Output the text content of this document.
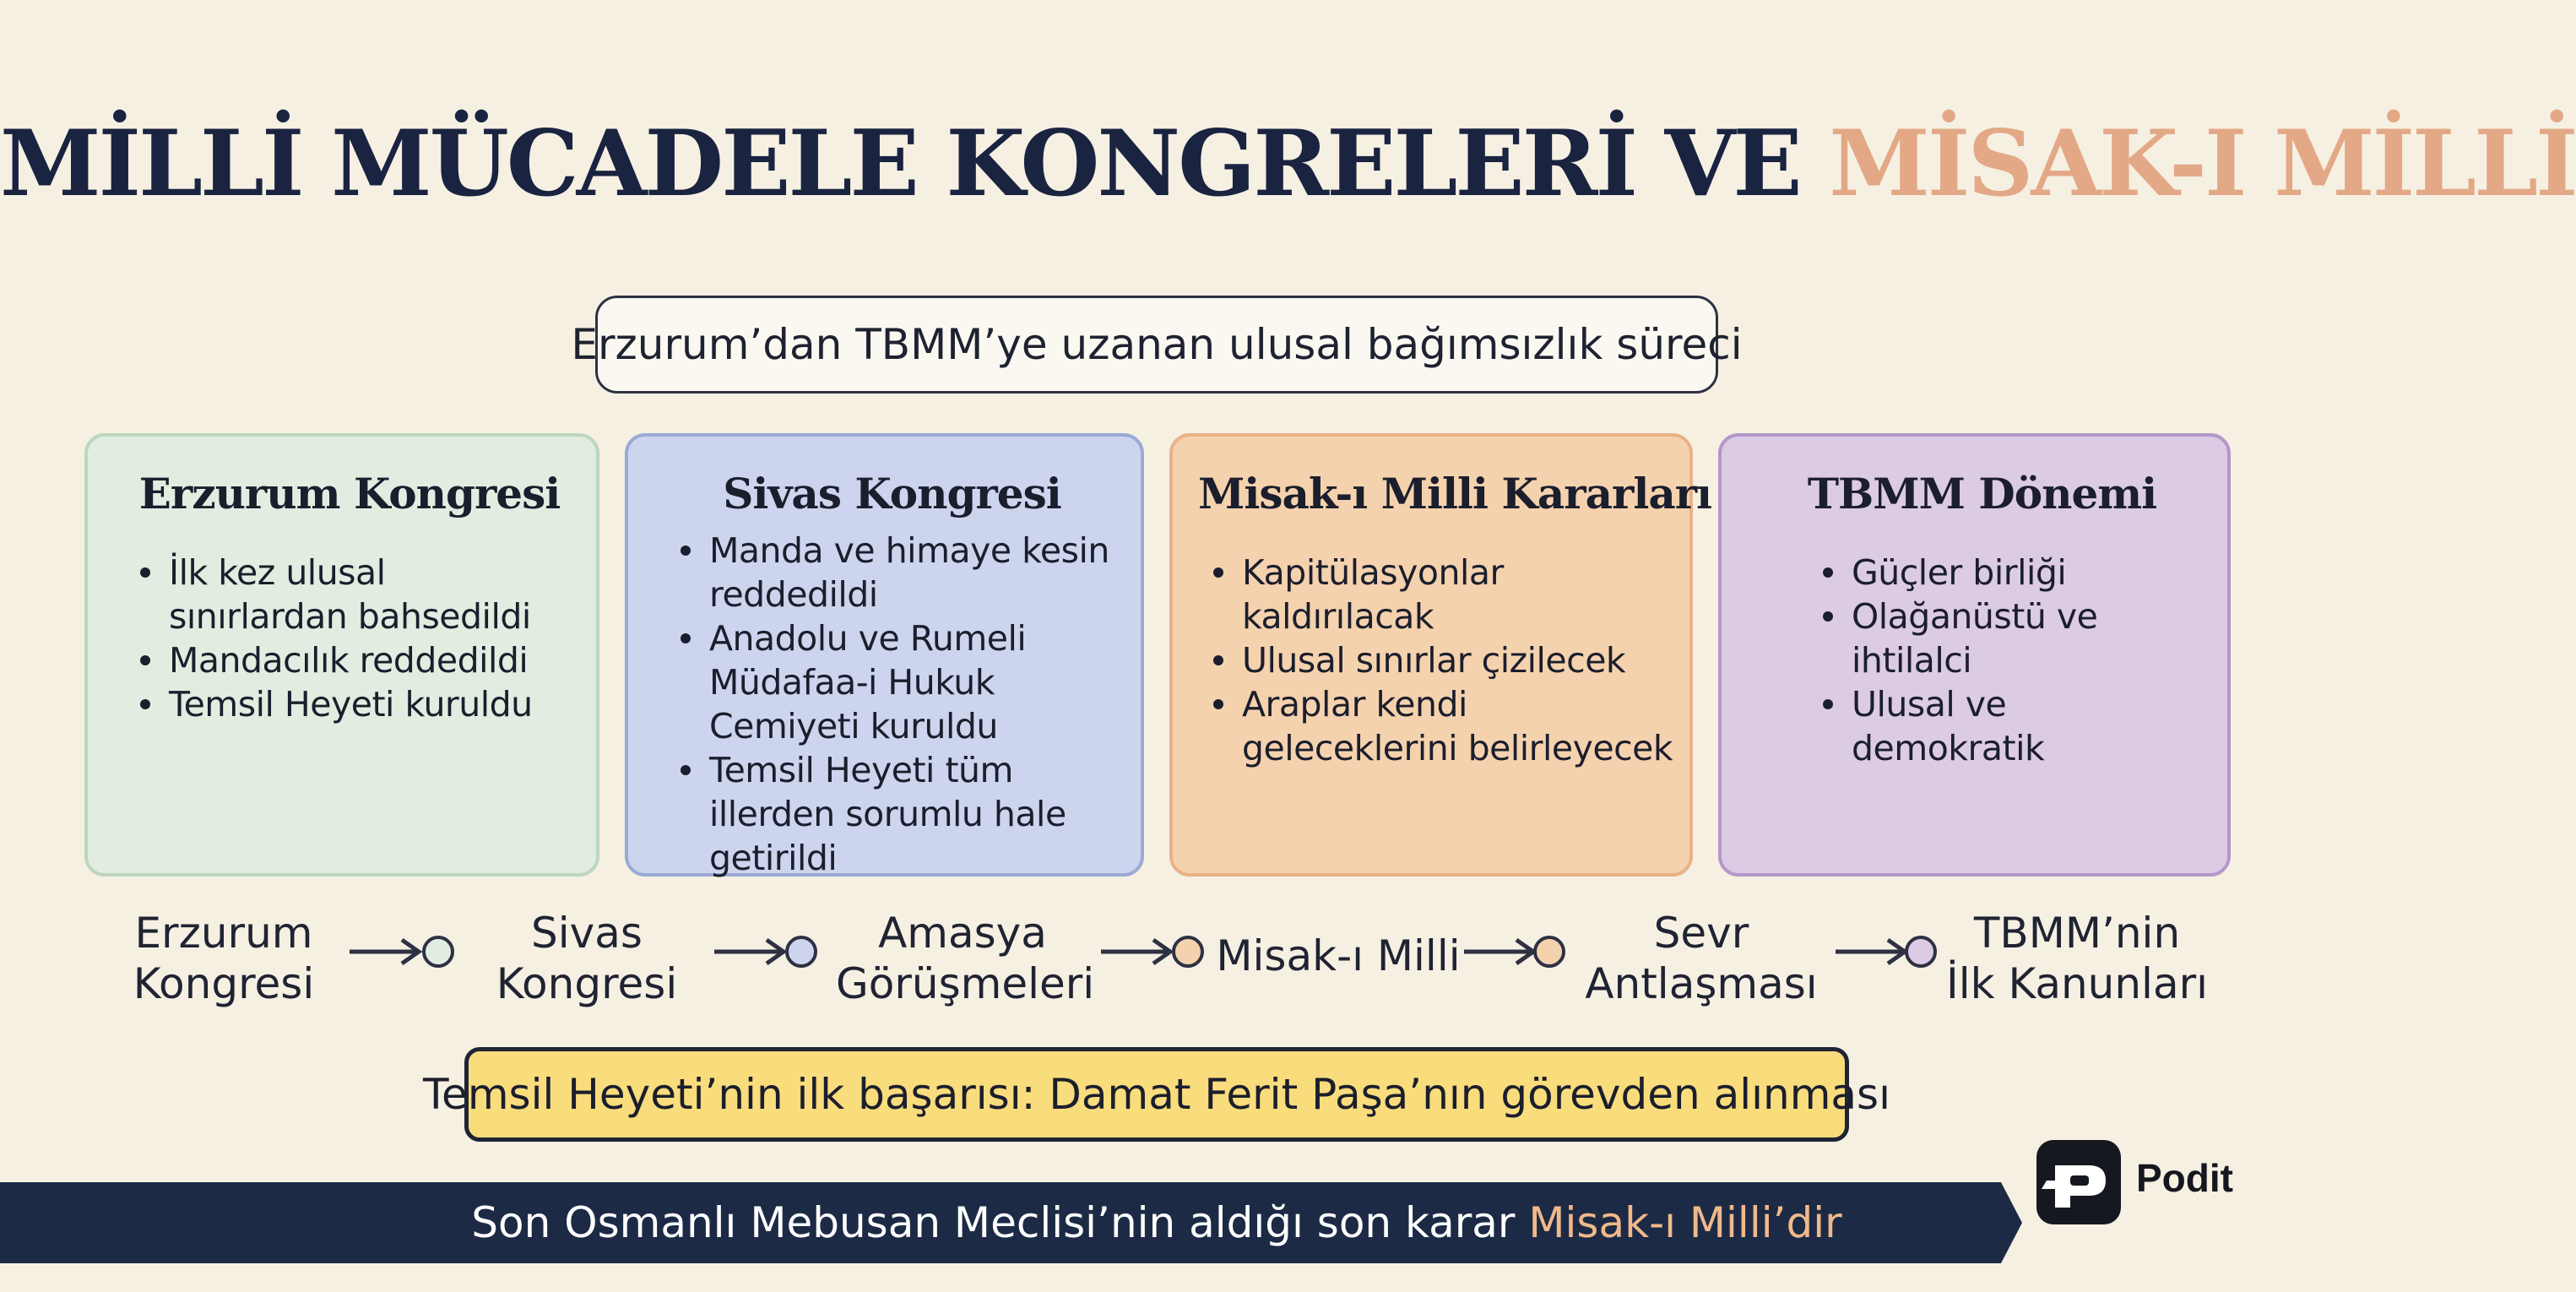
MİLLİ MÜCADELE KONGRELERİ VE MİSAK-I MİLLİ
Erzurum’dan TBMM’ye uzanan ulusal bağımsızlık süreci
Erzurum Kongresi
İlk kez ulusal sınırlardan bahsedildi
Mandacılık reddedildi
Temsil Heyeti kuruldu
Sivas Kongresi
Manda ve himaye kesin reddedildi
Anadolu ve Rumeli Müdafaa-i Hukuk Cemiyeti kuruldu
Temsil Heyeti tüm illerden sorumlu hale getirildi
Misak-ı Milli Kararları
Kapitülasyonlar kaldırılacak
Ulusal sınırlar çizilecek
Araplar kendi geleceklerini belirleyecek
TBMM Dönemi
Güçler birliği
Olağanüstü ve ihtilalci
Ulusal ve demokratik
Erzurum
Kongresi
Sivas
Kongresi
Amasya
Görüşmeleri
Misak-ı Milli	Sevr
Antlaşması
TBMM’nin
İlk Kanunları
Temsil Heyeti’nin ilk başarısı: Damat Ferit Paşa’nın görevden alınması
Son Osmanlı Mebusan Meclisi’nin aldığı son karar
Misak-ı Milli’dir
Podit
